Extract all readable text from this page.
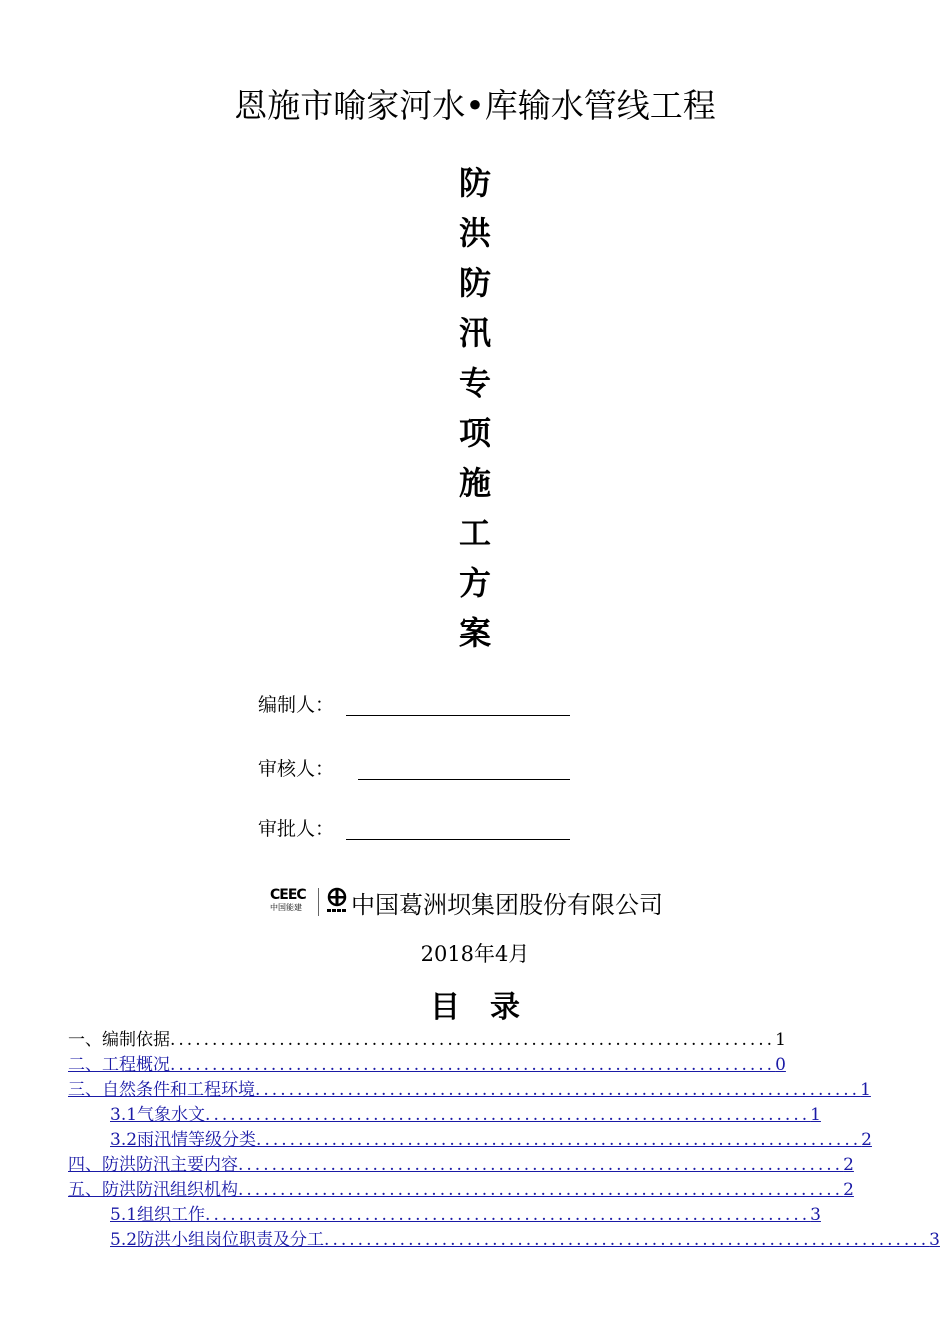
恩施市喻家河水•库输水管线工程
防
洪
防
汛
专
项
施
工
方
案
编制人：
审核人：
审批人：
CEEC
中国能建	中国葛洲坝集团股份有限公司
2018年4月
目录
一、编制依据 ........................................................................ 1
二、工程概况 ........................................................................ 0
三、自然条件和工程环境 ........................................................................ 1
3.1气象水文 ........................................................................ 1
3.2雨汛情等级分类 ........................................................................ 2
四、防洪防汛主要内容 ........................................................................ 2
五、防洪防汛组织机构 ........................................................................ 2
5.1组织工作 ........................................................................ 3
5.2防洪小组岗位职责及分工 ........................................................................ 3
